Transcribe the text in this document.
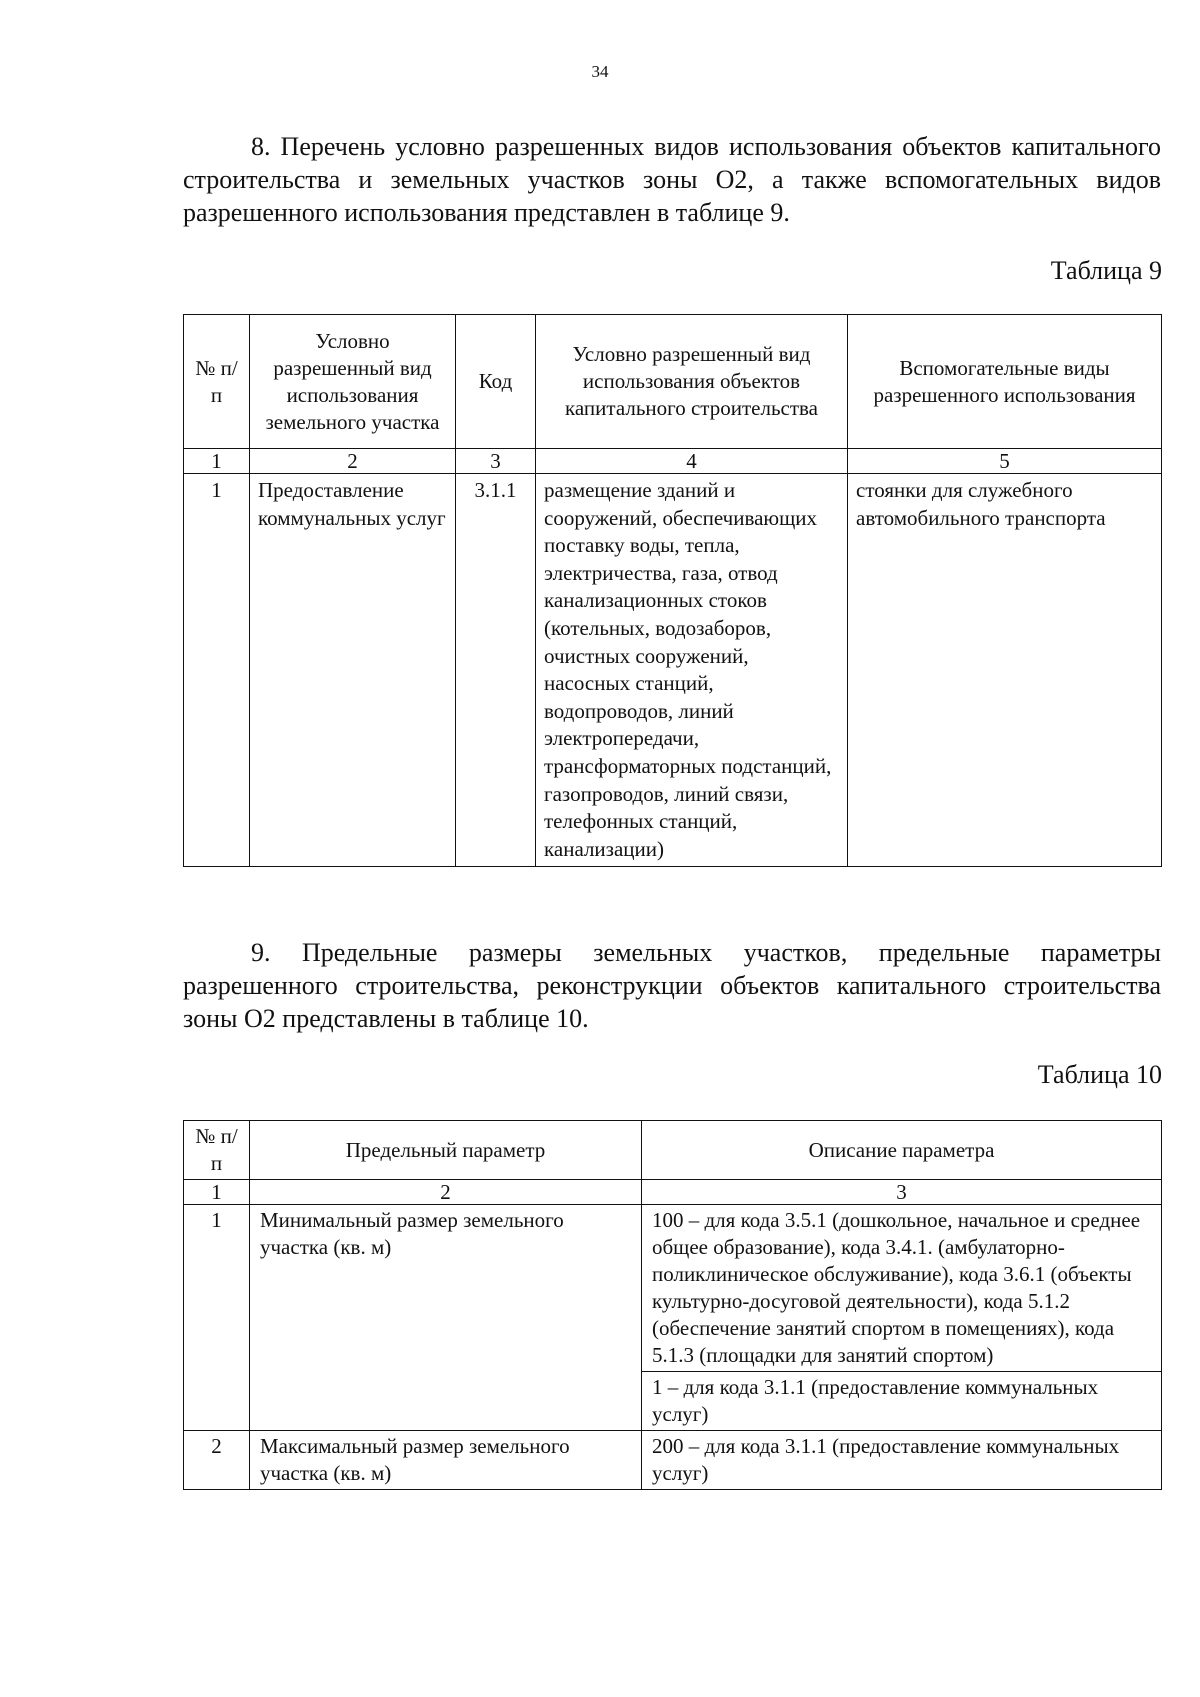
34

8. Перечень условно разрешенных видов использования объектов капитального строительства и земельных участков зоны О2, а также вспомогательных видов разрешенного использования представлен в таблице 9.

Таблица 9
№ п/п	Условно разрешенный вид использования земельного участка	Код	Условно разрешенный вид использования объектов капитального строительства	Вспомогательные виды разрешенного использования
1	2	3	4	5
1	Предоставление коммунальных услуг	3.1.1	размещение зданий и сооружений, обеспечивающих поставку воды, тепла, электричества, газа, отвод канализационных стоков (котельных, водозаборов, очистных сооружений, насосных станций, водопроводов, линий электропередачи, трансформаторных подстанций, газопроводов, линий связи, телефонных станций, канализации)	стоянки для служебного автомобильного транспорта

9. Предельные размеры земельных участков, предельные параметры разрешенного строительства, реконструкции объектов капитального строительства зоны О2 представлены в таблице 10.

Таблица 10
№ п/п	Предельный параметр	Описание параметра
1	2	3
1	Минимальный размер земельного участка (кв. м)	100 – для кода 3.5.1 (дошкольное, начальное и среднее общее образование), кода 3.4.1. (амбулаторно-поликлиническое обслуживание), кода 3.6.1 (объекты культурно-досуговой деятельности), кода 5.1.2 (обеспечение занятий спортом в помещениях), кода 5.1.3 (площадки для занятий спортом)
		1 – для кода 3.1.1 (предоставление коммунальных услуг)
2	Максимальный размер земельного участка (кв. м)	200 – для кода 3.1.1 (предоставление коммунальных услуг)
